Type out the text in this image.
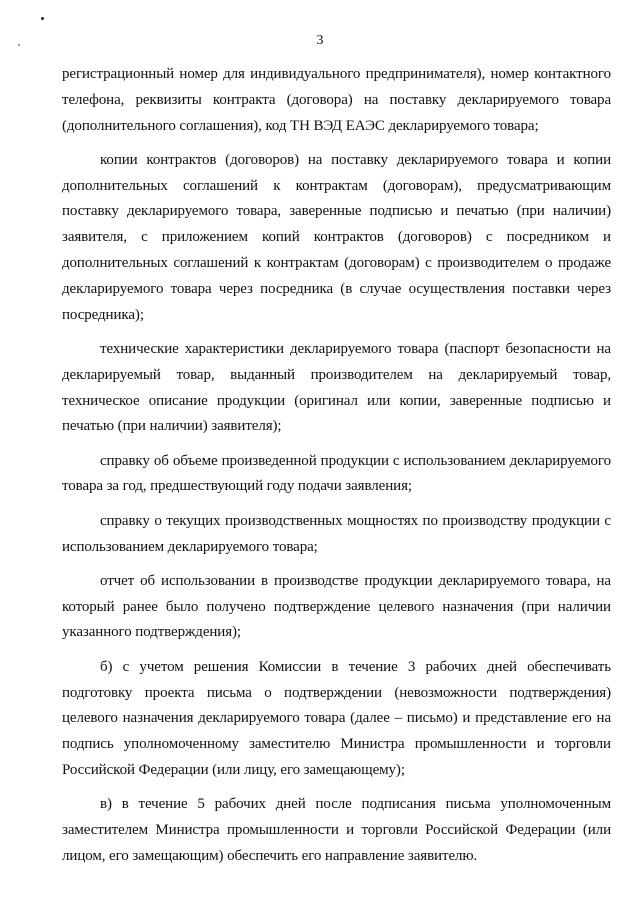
3

регистрационный номер для индивидуального предпринимателя), номер контактного телефона, реквизиты контракта (договора) на поставку декларируемого товара (дополнительного соглашения), код ТН ВЭД ЕАЭС декларируемого товара;

копии контрактов (договоров) на поставку декларируемого товара и копии дополнительных соглашений к контрактам (договорам), предусматривающим поставку декларируемого товара, заверенные подписью и печатью (при наличии) заявителя, с приложением копий контрактов (договоров) с посредником и дополнительных соглашений к контрактам (договорам) с производителем о продаже декларируемого товара через посредника (в случае осуществления поставки через посредника);

технические характеристики декларируемого товара (паспорт безопасности на декларируемый товар, выданный производителем на декларируемый товар, техническое описание продукции (оригинал или копии, заверенные подписью и печатью (при наличии) заявителя);

справку об объеме произведенной продукции с использованием декларируемого товара за год, предшествующий году подачи заявления;

справку о текущих производственных мощностях по производству продукции с использованием декларируемого товара;

отчет об использовании в производстве продукции декларируемого товара, на который ранее было получено подтверждение целевого назначения (при наличии указанного подтверждения);

б) с учетом решения Комиссии в течение 3 рабочих дней обеспечивать подготовку проекта письма о подтверждении (невозможности подтверждения) целевого назначения декларируемого товара (далее – письмо) и представление его на подпись уполномоченному заместителю Министра промышленности и торговли Российской Федерации (или лицу, его замещающему);

в) в течение 5 рабочих дней после подписания письма уполномоченным заместителем Министра промышленности и торговли Российской Федерации (или лицом, его замещающим) обеспечить его направление заявителю.
